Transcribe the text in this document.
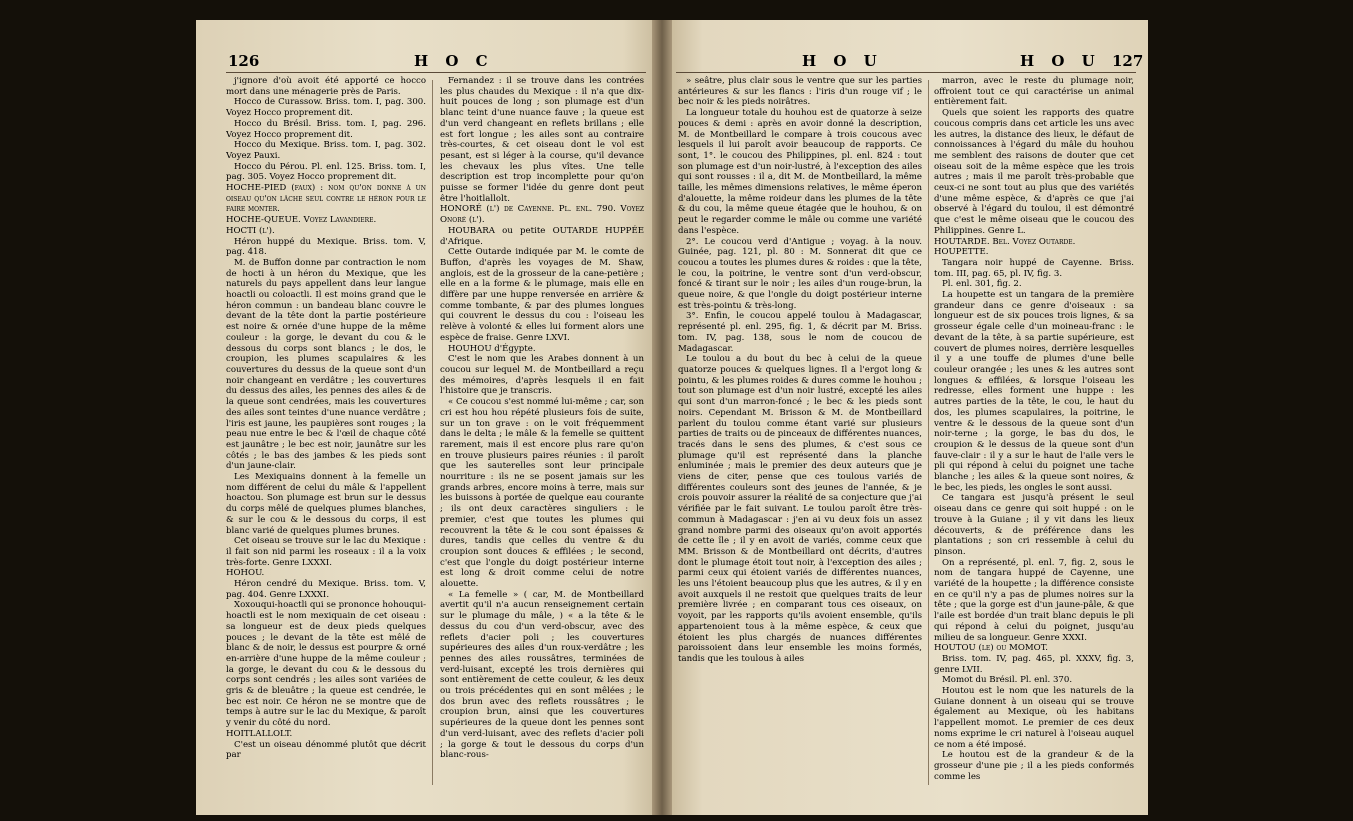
126	H O C	H O U	H O U 127

j'ignore d'où avoit été apporté ce hocco mort dans une ménagerie près de Paris.

Hocco de Curassow. Briss. tom. I, pag. 300. Voyez Hocco proprement dit.

Hocco du Brésil. Briss. tom. I, pag. 296. Voyez Hocco proprement dit.

Hocco du Mexique. Briss. tom. I, pag. 302. Voyez Pauxi.

Hocco du Pérou. Pl. enl. 125. Briss. tom. I, pag. 305. Voyez Hocco proprement dit.

HOCHE-PIED (faux) : nom qu'on donne à un oiseau qu'on lâche seul contre le héron pour le faire monter.

HOCHE-QUEUE. Voyez Lavandiere.

HOCTI (l').

Héron huppé du Mexique. Briss. tom. V, pag. 418.

M. de Buffon donne par contraction le nom de hocti à un héron du Mexique, que les naturels du pays appellent dans leur langue hoactli ou coloactli. Il est moins grand que le héron commun : un bandeau blanc couvre le devant de la tête dont la partie postérieure est noire & ornée d'une huppe de la même couleur : la gorge, le devant du cou & le dessous du corps sont blancs ; le dos, le croupion, les plumes scapulaires & les couvertures du dessus de la queue sont d'un noir changeant en verdâtre ; les couvertures du dessus des ailes, les pennes des ailes & de la queue sont cendrées, mais les couvertures des ailes sont teintes d'une nuance verdâtre ; l'iris est jaune, les paupières sont rouges ; la peau nue entre le bec & l'œil de chaque côté est jaunâtre ; le bec est noir, jaunâtre sur les côtés ; le bas des jambes & les pieds sont d'un jaune-clair.

Les Mexiquains donnent à la femelle un nom différent de celui du mâle & l'appellent hoactou. Son plumage est brun sur le dessus du corps mêlé de quelques plumes blanches, & sur le cou & le dessous du corps, il est blanc varié de quelques plumes brunes.

Cet oiseau se trouve sur le lac du Mexique : il fait son nid parmi les roseaux : il a la voix très-forte. Genre LXXXI.

HOHOU.

Héron cendré du Mexique. Briss. tom. V, pag. 404. Genre LXXXI.

Xoxouqui-hoactli qui se prononce hohouqui-hoactli est le nom mexiquain de cet oiseau : sa longueur est de deux pieds quelques pouces ; le devant de la tête est mêlé de blanc & de noir, le dessus est pourpre & orné en-arrière d'une huppe de la même couleur ; la gorge, le devant du cou & le dessous du corps sont cendrés ; les ailes sont variées de gris & de bleuâtre ; la queue est cendrée, le bec est noir. Ce héron ne se montre que de temps à autre sur le lac du Mexique, & paroît y venir du côté du nord.

HOITLALLOLT.

C'est un oiseau dénommé plutôt que décrit par

Fernandez : il se trouve dans les contrées les plus chaudes du Mexique : il n'a que dix-huit pouces de long ; son plumage est d'un blanc teint d'une nuance fauve ; la queue est d'un verd changeant en reflets brillans ; elle est fort longue ; les ailes sont au contraire très-courtes, & cet oiseau dont le vol est pesant, est si léger à la course, qu'il devance les chevaux les plus vîtes. Une telle description est trop incomplette pour qu'on puisse se former l'idée du genre dont peut être l'hoitlallolt.

HONORÉ (l') de Cayenne. Pl. enl. 790. Voyez Onoré (l').

HOUBARA ou petite OUTARDE HUPPÉE d'Afrique.

Cette Outarde indiquée par M. le comte de Buffon, d'après les voyages de M. Shaw, anglois, est de la grosseur de la cane-petière ; elle en a la forme & le plumage, mais elle en diffère par une huppe renversée en arrière & comme tombante, & par des plumes longues qui couvrent le dessus du cou : l'oiseau les relève à volonté & elles lui forment alors une espèce de fraise. Genre LXVI.

HOUHOU d'Égypte.

C'est le nom que les Arabes donnent à un coucou sur lequel M. de Montbeillard a reçu des mémoires, d'après lesquels il en fait l'histoire que je transcris.

« Ce coucou s'est nommé lui-même ; car, son cri est hou hou répété plusieurs fois de suite, sur un ton grave : on le voit fréquemment dans le delta ; le mâle & la femelle se quittent rarement, mais il est encore plus rare qu'on en trouve plusieurs paires réunies : il paroît que les sauterelles sont leur principale nourriture : ils ne se posent jamais sur les grands arbres, encore moins à terre, mais sur les buissons à portée de quelque eau courante ; ils ont deux caractères singuliers : le premier, c'est que toutes les plumes qui recouvrent la tête & le cou sont épaisses & dures, tandis que celles du ventre & du croupion sont douces & effilées ; le second, c'est que l'ongle du doigt postérieur interne est long & droit comme celui de notre alouette.

« La femelle » ( car, M. de Montbeillard avertit qu'il n'a aucun renseignement certain sur le plumage du mâle, ) « a la tête & le dessus du cou d'un verd-obscur, avec des reflets d'acier poli ; les couvertures supérieures des ailes d'un roux-verdâtre ; les pennes des ailes roussâtres, terminées de verd-luisant, excepté les trois dernières qui sont entièrement de cette couleur, & les deux ou trois précédentes qui en sont mêlées ; le dos brun avec des reflets roussâtres ; le croupion brun, ainsi que les couvertures supérieures de la queue dont les pennes sont d'un verd-luisant, avec des reflets d'acier poli ; la gorge & tout le dessous du corps d'un blanc-rous-

» seâtre, plus clair sous le ventre que sur les parties antérieures & sur les flancs : l'iris d'un rouge vif ; le bec noir & les pieds noirâtres.

La longueur totale du houhou est de quatorze à seize pouces & demi : après en avoir donné la description, M. de Montbeillard le compare à trois coucous avec lesquels il lui paroît avoir beaucoup de rapports. Ce sont, 1°. le coucou des Philippines, pl. enl. 824 : tout son plumage est d'un noir-lustré, à l'exception des ailes qui sont rousses : il a, dit M. de Montbeillard, la même taille, les mêmes dimensions relatives, le même éperon d'alouette, la même roideur dans les plumes de la tête & du cou, la même queue étagée que le houhou, & on peut le regarder comme le mâle ou comme une variété dans l'espèce.

2°. Le coucou verd d'Antigue ; voyag. à la nouv. Guinée, pag. 121, pl. 80 : M. Sonnerat dit que ce coucou a toutes les plumes dures & roides : que la tête, le cou, la poitrine, le ventre sont d'un verd-obscur, foncé & tirant sur le noir ; les ailes d'un rouge-brun, la queue noire, & que l'ongle du doigt postérieur interne est très-pointu & très-long.

3°. Enfin, le coucou appelé toulou à Madagascar, représenté pl. enl. 295, fig. 1, & décrit par M. Briss. tom. IV, pag. 138, sous le nom de coucou de Madagascar.

Le toulou a du bout du bec à celui de la queue quatorze pouces & quelques lignes. Il a l'ergot long & pointu, & les plumes roides & dures comme le houhou ; tout son plumage est d'un noir lustré, excepté les ailes qui sont d'un marron-foncé ; le bec & les pieds sont noirs. Cependant M. Brisson & M. de Montbeillard parlent du toulou comme étant varié sur plusieurs parties de traits ou de pinceaux de différentes nuances, tracés dans le sens des plumes, & c'est sous ce plumage qu'il est représenté dans la planche enluminée ; mais le premier des deux auteurs que je viens de citer, pense que ces toulous variés de différentes couleurs sont des jeunes de l'année, & je crois pouvoir assurer la réalité de sa conjecture que j'ai vérifiée par le fait suivant. Le toulou paroît être très-commun à Madagascar : j'en ai vu deux fois un assez grand nombre parmi des oiseaux qu'on avoit apportés de cette île ; il y en avoit de variés, comme ceux que MM. Brisson & de Montbeillard ont décrits, d'autres dont le plumage étoit tout noir, à l'exception des ailes ; parmi ceux qui étoient variés de différentes nuances, les uns l'étoient beaucoup plus que les autres, & il y en avoit auxquels il ne restoit que quelques traits de leur première livrée ; en comparant tous ces oiseaux, on voyoit, par les rapports qu'ils avoient ensemble, qu'ils appartenoient tous à la même espèce, & ceux que étoient les plus chargés de nuances différentes paroissoient dans leur ensemble les moins formés, tandis que les toulous à ailes

marron, avec le reste du plumage noir, offroient tout ce qui caractérise un animal entièrement fait.

Quels que soient les rapports des quatre coucous compris dans cet article les uns avec les autres, la distance des lieux, le défaut de connoissances à l'égard du mâle du houhou me semblent des raisons de douter que cet oiseau soit de la même espèce que les trois autres ; mais il me paroît très-probable que ceux-ci ne sont tout au plus que des variétés d'une même espèce, & d'après ce que j'ai observé à l'égard du toulou, il est démontré que c'est le même oiseau que le coucou des Philippines. Genre L.

HOUTARDE. Bel. Voyez Outarde.

HOUPETTE.

Tangara noir huppé de Cayenne. Briss. tom. III, pag. 65, pl. IV, fig. 3.

Pl. enl. 301, fig. 2.

La houpette est un tangara de la première grandeur dans ce genre d'oiseaux : sa longueur est de six pouces trois lignes, & sa grosseur égale celle d'un moineau-franc : le devant de la tête, à sa partie supérieure, est couvert de plumes noires, derrière lesquelles il y a une touffe de plumes d'une belle couleur orangée ; les unes & les autres sont longues & effilées, & lorsque l'oiseau les redresse, elles forment une huppe : les autres parties de la tête, le cou, le haut du dos, les plumes scapulaires, la poitrine, le ventre & le dessous de la queue sont d'un noir-terne ; la gorge, le bas du dos, le croupion & le dessus de la queue sont d'un fauve-clair : il y a sur le haut de l'aile vers le pli qui répond à celui du poignet une tache blanche ; les ailes & la queue sont noires, & le bec, les pieds, les ongles le sont aussi.

Ce tangara est jusqu'à présent le seul oiseau dans ce genre qui soit huppé : on le trouve à la Guiane ; il y vit dans les lieux découverts, & de préférence dans les plantations ; son cri ressemble à celui du pinson.

On a représenté, pl. enl. 7, fig. 2, sous le nom de tangara huppé de Cayenne, une variété de la houpette ; la différence consiste en ce qu'il n'y a pas de plumes noires sur la tête ; que la gorge est d'un jaune-pâle, & que l'aile est bordée d'un trait blanc depuis le pli qui répond à celui du poignet, jusqu'au milieu de sa longueur. Genre XXXI.

HOUTOU (le) ou MOMOT.

Briss. tom. IV, pag. 465, pl. XXXV, fig. 3, genre LVII.

Momot du Brésil. Pl. enl. 370.

Houtou est le nom que les naturels de la Guiane donnent à un oiseau qui se trouve également au Mexique, où les habitans l'appellent momot. Le premier de ces deux noms exprime le cri naturel à l'oiseau auquel ce nom a été imposé.

Le houtou est de la grandeur & de la grosseur d'une pie ; il a les pieds conformés comme les
